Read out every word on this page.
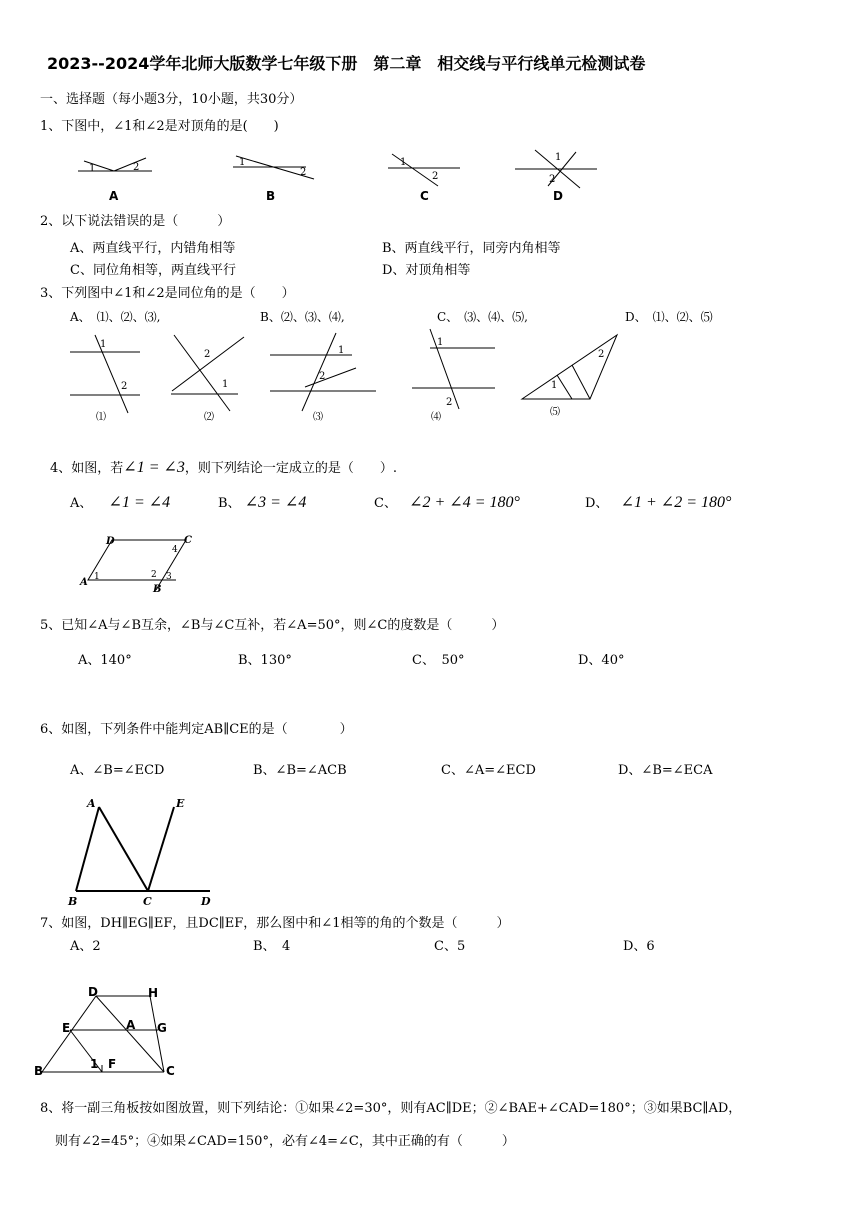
2023--2024学年北师大版数学七年级下册　第二章　相交线与平行线单元检测试卷
一、选择题（每小题3分，10小题，共30分）
1、下图中，∠1和∠2是对顶角的是(　　)
1	2
A
1
2
B
1
2
C
1
2
D
2、以下说法错误的是（　　　）
A、两直线平行，内错角相等	B、两直线平行，同旁内角相等
C、同位角相等，两直线平行	D、对顶角相等
3、下列图中∠1和∠2是同位角的是（　　）
A、　⑴、⑵、⑶,	B、⑵、⑶、⑷,	C、　⑶、⑷、⑸,	D、　⑴、⑵、⑸
1
2
⑴
2
1
⑵
1
2
⑶
1
2
⑷
1
2
⑸
4、如图，若∠1 = ∠3，则下列结论一定成立的是（　　）.
A、 ∠1 = ∠4	B、 ∠3 = ∠4	C、 ∠2 + ∠4 = 180°	D、 ∠1 + ∠2 = 180°
A 1
D	C
4
2 3
B
5、已知∠A与∠B互余，∠B与∠C互补，若∠A=50°，则∠C的度数是（　　　）
A、140°	B、130°	C、　50°	D、40°
6、如图，下列条件中能判定AB∥CE的是（　　　　）
A、∠B=∠ECD	B、∠B=∠ACB	C、∠A=∠ECD	D、∠B=∠ECA
A	E
B	C	D
7、如图，DH∥EG∥EF，且DC∥EF，那么图中和∠1相等的角的个数是（　　　）
A、2	B、　4	C、5	D、6
D	H
E	A G
B	1 F	C
8、将一副三角板按如图放置，则下列结论：①如果∠2=30°，则有AC∥DE；②∠BAE+∠CAD=180°；③如果BC∥AD，
则有∠2=45°；④如果∠CAD=150°，必有∠4=∠C，其中正确的有（　　　）
